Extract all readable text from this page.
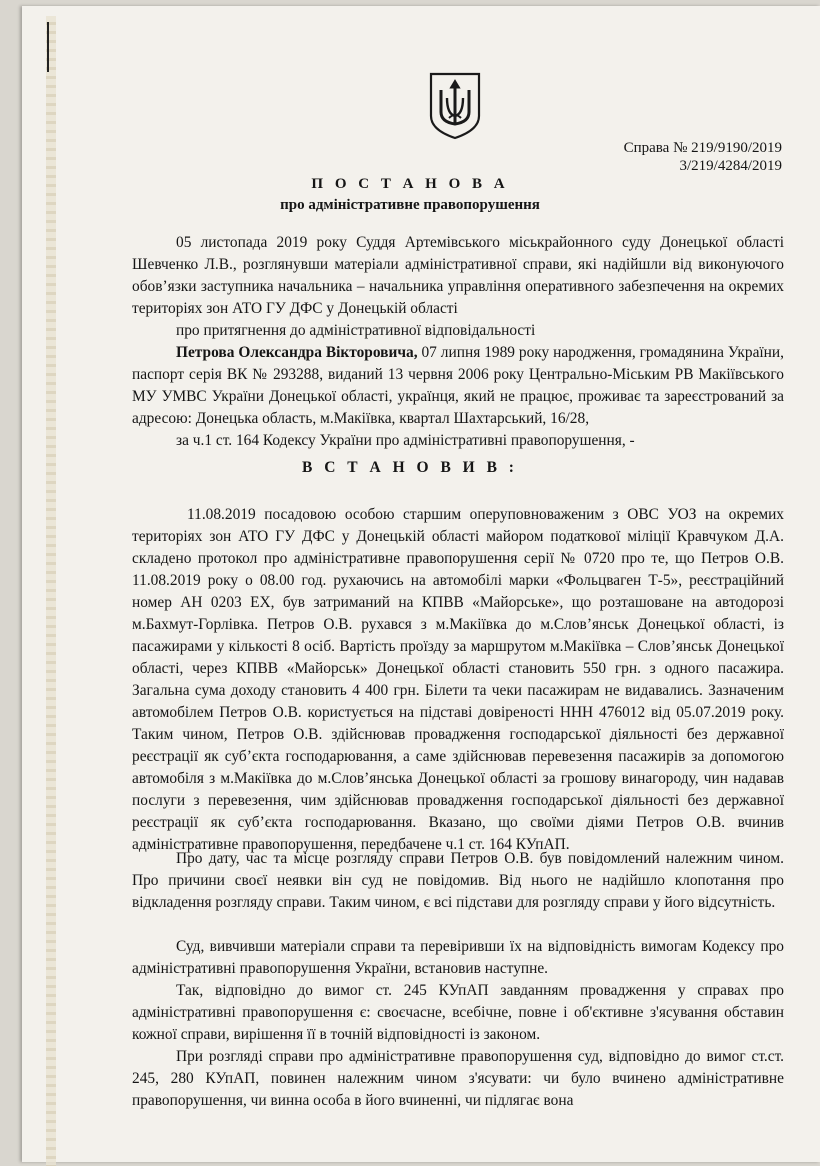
Справа № 219/9190/2019
3/219/4284/2019
П О С Т А Н О В А
про адміністративне правопорушення

05 листопада 2019 року Суддя Артемівського міськрайонного суду Донецької області Шевченко Л.В., розглянувши матеріали адміністративної справи, які надійшли від виконуючого обов’язки заступника начальника – начальника управління оперативного забезпечення на окремих територіях зон АТО ГУ ДФС у Донецькій області

про притягнення до адміністративної відповідальності

Петрова Олександра Вікторовича, 07 липня 1989 року народження, громадянина України, паспорт серія ВК № 293288, виданий 13 червня 2006 року Центрально-Міським РВ Макіївського МУ УМВС України Донецької області, українця, який не працює, проживає та зареєстрований за адресою: Донецька область, м.Макіївка, квартал Шахтарський, 16/28,

за ч.1 ст. 164 Кодексу України про адміністративні правопорушення, -

В С Т А Н О В И В :

11.08.2019 посадовою особою старшим оперуповноваженим з ОВС УОЗ на окремих територіях зон АТО ГУ ДФС у Донецькій області майором податкової міліції Кравчуком Д.А. складено протокол про адміністративне правопорушення серії № 0720 про те, що Петров О.В. 11.08.2019 року о 08.00 год. рухаючись на автомобілі марки «Фольцваген Т-5», реєстраційний номер АН 0203 ЕХ, був затриманий на КПВВ «Майорське», що розташоване на автодорозі м.Бахмут-Горлівка. Петров О.В. рухався з м.Макіївка до м.Слов’янськ Донецької області, із пасажирами у кількості 8 осіб. Вартість проїзду за маршрутом м.Макіївка – Слов’янськ Донецької області, через КПВВ «Майорськ» Донецької області становить 550 грн. з одного пасажира. Загальна сума доходу становить 4 400 грн. Білети та чеки пасажирам не видавались. Зазначеним автомобілем Петров О.В. користується на підставі довіреності ННН 476012 від 05.07.2019 року. Таким чином, Петров О.В. здійснював провадження господарської діяльності без державної реєстрації як суб’єкта господарювання, а саме здійснював перевезення пасажирів за допомогою автомобіля з м.Макіївка до м.Слов’янська Донецької області за грошову винагороду, чин надавав послуги з перевезення, чим здійснював провадження господарської діяльності без державної реєстрації як суб’єкта господарювання. Вказано, що своїми діями Петров О.В. вчинив адміністративне правопорушення, передбачене ч.1 ст. 164 КУпАП.

Про дату, час та місце розгляду справи Петров О.В. був повідомлений належним чином. Про причини своєї неявки він суд не повідомив. Від нього не надійшло клопотання про відкладення розгляду справи. Таким чином, є всі підстави для розгляду справи у його відсутність.

Суд, вивчивши матеріали справи та перевіривши їх на відповідність вимогам Кодексу про адміністративні правопорушення України, встановив наступне.

Так, відповідно до вимог ст. 245 КУпАП завданням провадження у справах про адміністративні правопорушення є: своєчасне, всебічне, повне і об'єктивне з'ясування обставин кожної справи, вирішення її в точній відповідності із законом.

При розгляді справи про адміністративне правопорушення суд, відповідно до вимог ст.ст. 245, 280 КУпАП, повинен належним чином з'ясувати: чи було вчинено адміністративне правопорушення, чи винна особа в його вчиненні, чи підлягає вона
